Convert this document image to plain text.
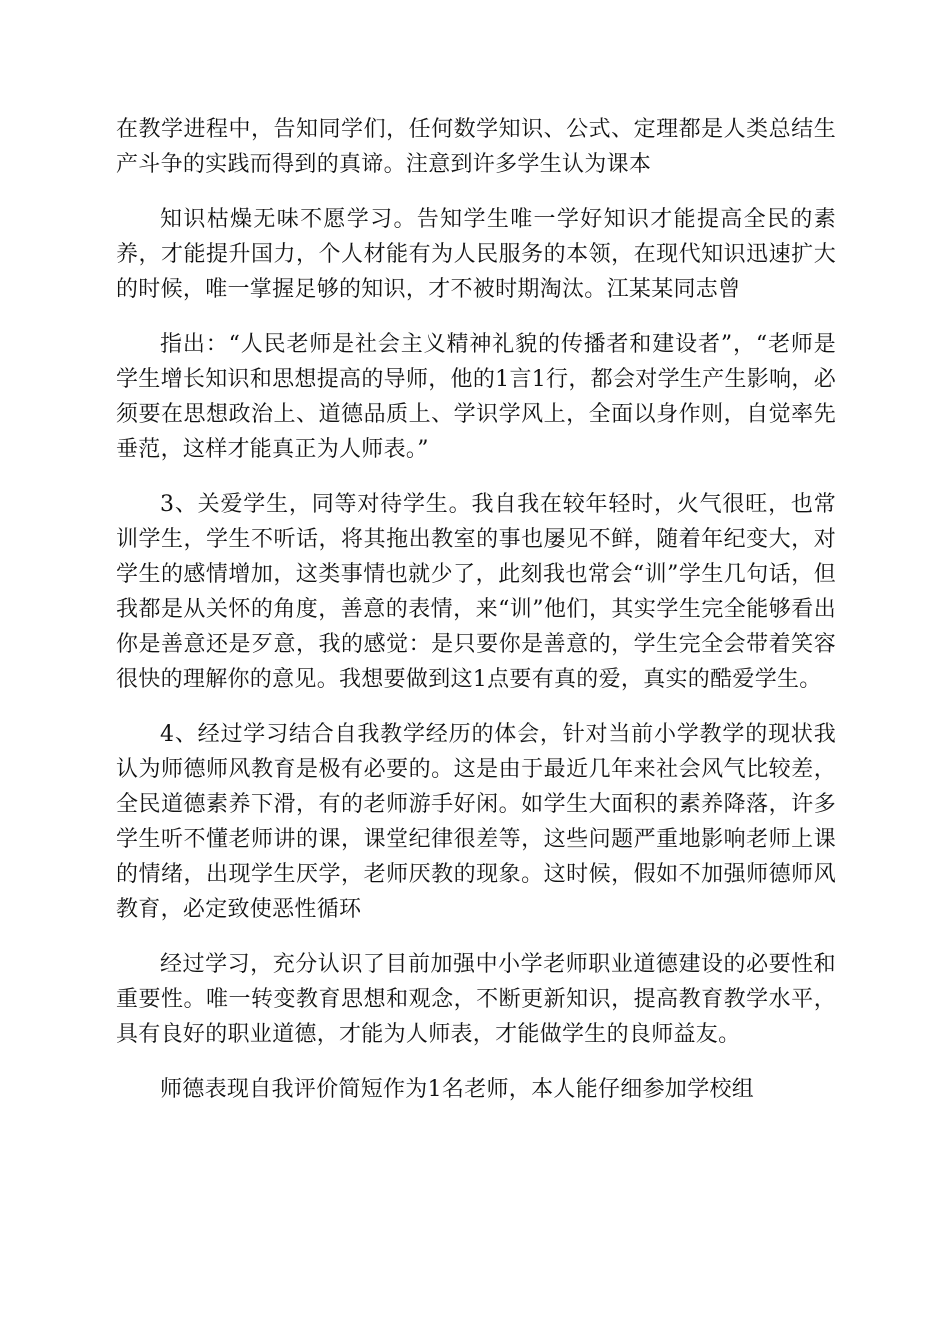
在教学进程中，告知同学们，任何数学知识、公式、定理都是人类总结生产斗争的实践而得到的真谛。注意到许多学生认为课本

知识枯燥无味不愿学习。告知学生唯一学好知识才能提高全民的素养，才能提升国力，个人材能有为人民服务的本领，在现代知识迅速扩大的时候，唯一掌握足够的知识，才不被时期淘汰。江某某同志曾

指出：“人民老师是社会主义精神礼貌的传播者和建设者”，“老师是学生增长知识和思想提高的导师，他的1言1行，都会对学生产生影响，必须要在思想政治上、道德品质上、学识学风上，全面以身作则，自觉率先垂范，这样才能真正为人师表。”

3、关爱学生，同等对待学生。我自我在较年轻时，火气很旺，也常训学生，学生不听话，将其拖出教室的事也屡见不鲜，随着年纪变大，对学生的感情增加，这类事情也就少了，此刻我也常会“训”学生几句话，但我都是从关怀的角度，善意的表情，来“训”他们，其实学生完全能够看出你是善意还是歹意，我的感觉：是只要你是善意的，学生完全会带着笑容很快的理解你的意见。我想要做到这1点要有真的爱，真实的酷爱学生。

4、经过学习结合自我教学经历的体会，针对当前小学教学的现状我认为师德师风教育是极有必要的。这是由于最近几年来社会风气比较差，全民道德素养下滑，有的老师游手好闲。如学生大面积的素养降落，许多学生听不懂老师讲的课，课堂纪律很差等，这些问题严重地影响老师上课的情绪，出现学生厌学，老师厌教的现象。这时候，假如不加强师德师风教育，必定致使恶性循环

经过学习，充分认识了目前加强中小学老师职业道德建设的必要性和重要性。唯一转变教育思想和观念，不断更新知识，提高教育教学水平，具有良好的职业道德，才能为人师表，才能做学生的良师益友。

师德表现自我评价简短作为1名老师，本人能仔细参加学校组
